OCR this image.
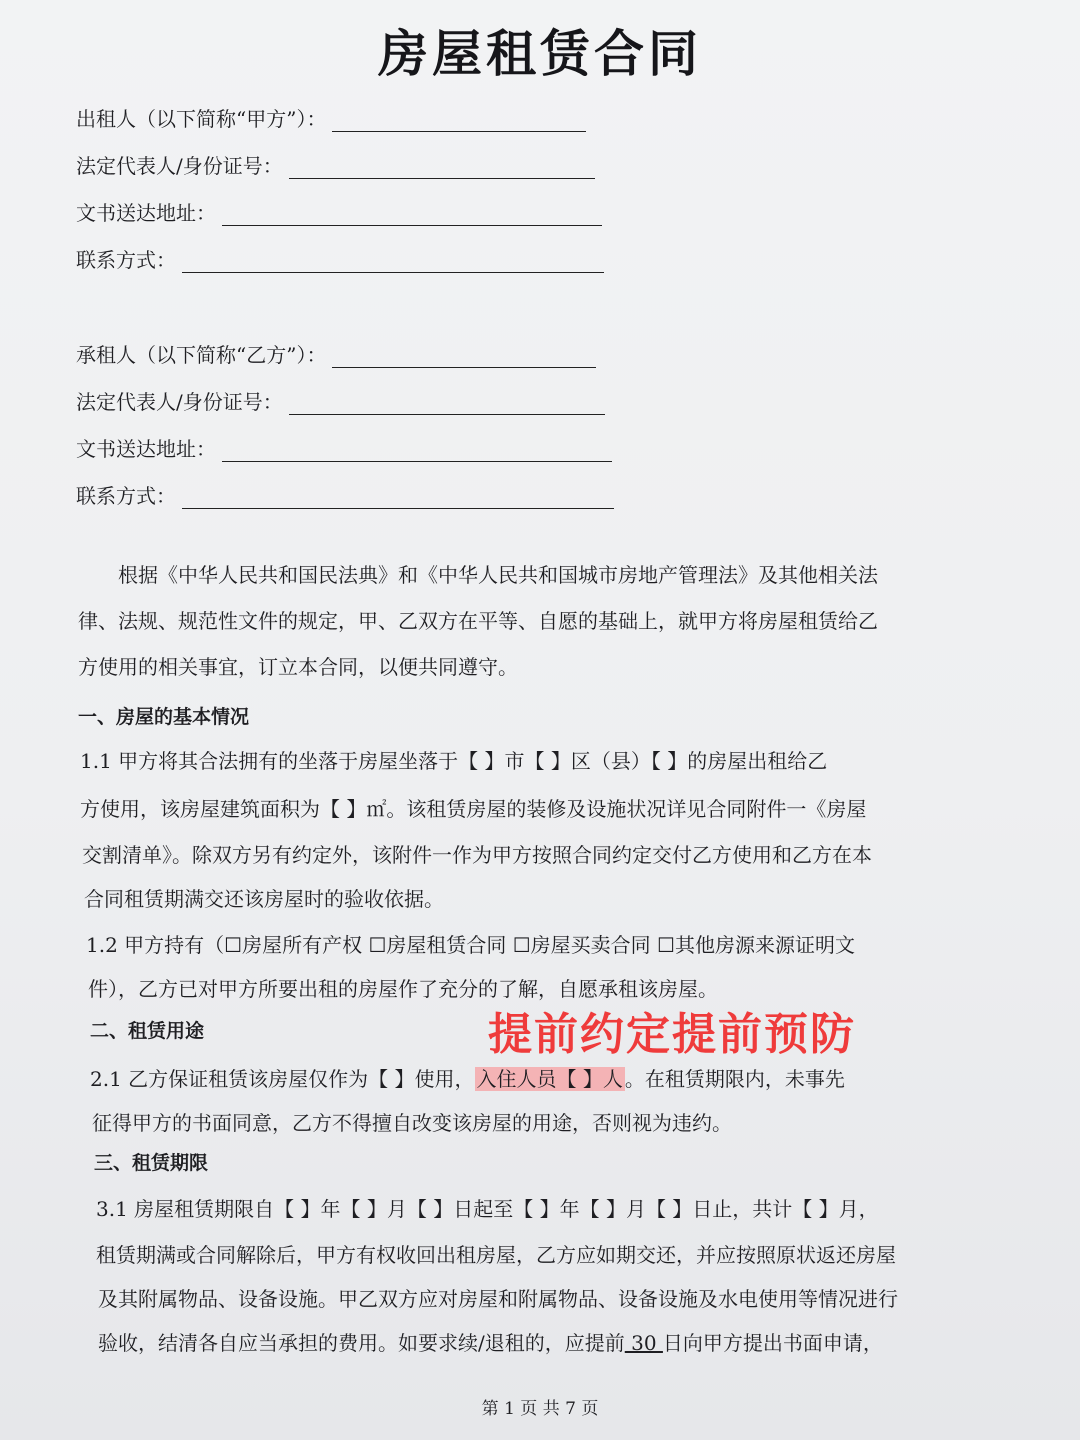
房屋租赁合同
出租人（以下简称“甲方”）：
法定代表人/身份证号：
文书送达地址：
联系方式：
承租人（以下简称“乙方”）：
法定代表人/身份证号：
文书送达地址：
联系方式：
根据《中华人民共和国民法典》和《中华人民共和国城市房地产管理法》及其他相关法
律、法规、规范性文件的规定，甲、乙双方在平等、自愿的基础上，就甲方将房屋租赁给乙
方使用的相关事宜，订立本合同，以便共同遵守。
一、房屋的基本情况
1.1 甲方将其合法拥有的坐落于房屋坐落于【 】市【 】区（县）【 】的房屋出租给乙
方使用，该房屋建筑面积为【 】㎡。该租赁房屋的装修及设施状况详见合同附件一《房屋
交割清单》。除双方另有约定外，该附件一作为甲方按照合同约定交付乙方使用和乙方在本
合同租赁期满交还该房屋时的验收依据。
1.2 甲方持有（☐房屋所有产权 ☐房屋租赁合同 ☐房屋买卖合同 ☐其他房源来源证明文
件），乙方已对甲方所要出租的房屋作了充分的了解，自愿承租该房屋。
二、租赁用途	提前约定提前预防
2.1 乙方保证租赁该房屋仅作为【 】使用， 入住人员【 】人 。在租赁期限内，未事先
征得甲方的书面同意，乙方不得擅自改变该房屋的用途，否则视为违约。
三、租赁期限
3.1 房屋租赁期限自【 】年【 】月【 】日起至【 】年【 】月【 】日止，共计【 】月，
租赁期满或合同解除后，甲方有权收回出租房屋，乙方应如期交还，并应按照原状返还房屋
及其附属物品、设备设施。甲乙双方应对房屋和附属物品、设备设施及水电使用等情况进行
验收，结清各自应当承担的费用。如要求续/退租的，应提前 30 日向甲方提出书面申请，
第 1 页 共 7 页
